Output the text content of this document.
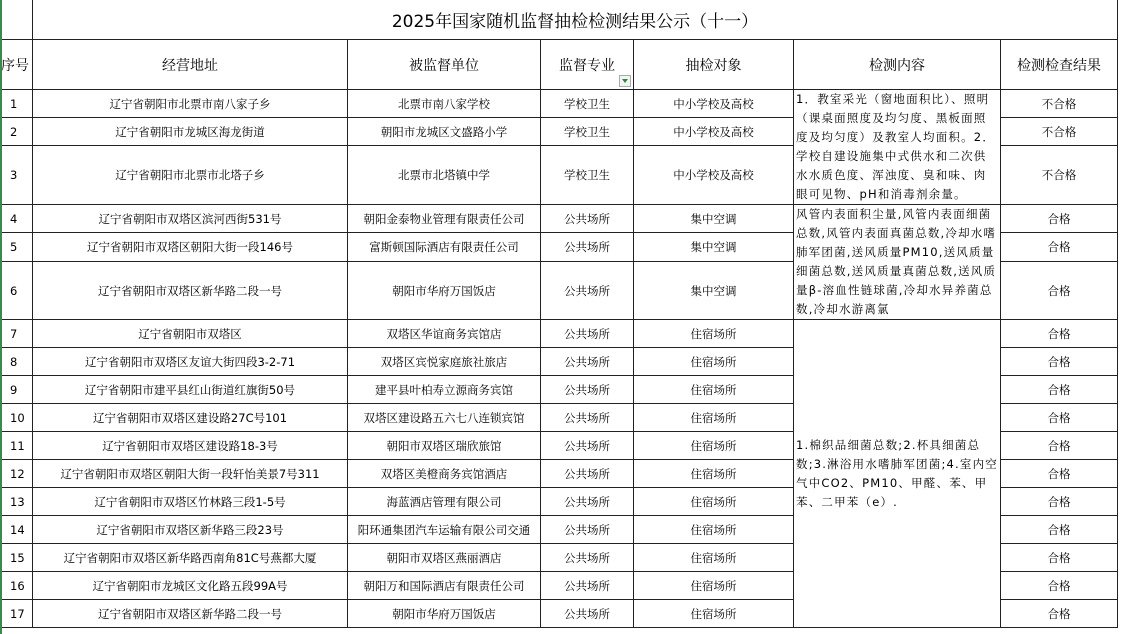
	2025年国家随机监督抽检检测结果公示（十一）					
序号	经营地址	被监督单位	监督专业	抽检对象	检测内容	检测检查结果
1	辽宁省朝阳市北票市南八家子乡	北票市南八家学校	学校卫生	中小学校及高校	1．教室采光（窗地面积比）、照明（课桌面照度及均匀度、黑板面照度及均匀度）及教室人均面积。2．学校自建设施集中式供水和二次供水水质色度、浑浊度、臭和味、肉眼可见物、pH和消毒剂余量。	不合格
2	辽宁省朝阳市龙城区海龙街道	朝阳市龙城区文盛路小学	学校卫生	中小学校及高校		不合格
3	辽宁省朝阳市北票市北塔子乡	北票市北塔镇中学	学校卫生	中小学校及高校		不合格
4	辽宁省朝阳市双塔区滨河西街531号	朝阳金泰物业管理有限责任公司	公共场所	集中空调	风管内表面积尘量,风管内表面细菌总数,风管内表面真菌总数,冷却水嗜肺军团菌,送风质量PM10,送风质量细菌总数,送风质量真菌总数,送风质量β-溶血性链球菌,冷却水异养菌总数,冷却水游离氯	合格
5	辽宁省朝阳市双塔区朝阳大街一段146号	富斯顿国际酒店有限责任公司	公共场所	集中空调		合格
6	辽宁省朝阳市双塔区新华路二段一号	朝阳市华府万国饭店	公共场所	集中空调		合格
7	辽宁省朝阳市双塔区	双塔区华谊商务宾馆店	公共场所	住宿场所	1.棉织品细菌总数;2.杯具细菌总数;3.淋浴用水嗜肺军团菌;4.室内空气中CO2、PM10、甲醛、苯、甲苯、二甲苯（e）.	合格
8	辽宁省朝阳市双塔区友谊大街四段3-2-71	双塔区宾悦家庭旅社旅店	公共场所	住宿场所		合格
9	辽宁省朝阳市建平县红山街道红旗街50号	建平县叶柏寿立源商务宾馆	公共场所	住宿场所		合格
10	辽宁省朝阳市双塔区建设路27C号101	双塔区建设路五六七八连锁宾馆	公共场所	住宿场所		合格
11	辽宁省朝阳市双塔区建设路18-3号	朝阳市双塔区瑞欣旅馆	公共场所	住宿场所		合格
12	辽宁省朝阳市双塔区朝阳大街一段轩怡美景7号311	双塔区美橙商务宾馆酒店	公共场所	住宿场所		合格
13	辽宁省朝阳市双塔区竹林路三段1-5号	海蓝酒店管理有限公司	公共场所	住宿场所		合格
14	辽宁省朝阳市双塔区新华路三段23号	阳环通集团汽车运输有限公司交通	公共场所	住宿场所		合格
15	辽宁省朝阳市双塔区新华路西南角81C号燕都大厦	朝阳市双塔区燕丽酒店	公共场所	住宿场所		合格
16	辽宁省朝阳市龙城区文化路五段99A号	朝阳万和国际酒店有限责任公司	公共场所	住宿场所		合格
17	辽宁省朝阳市双塔区新华路二段一号	朝阳市华府万国饭店	公共场所	住宿场所		合格
